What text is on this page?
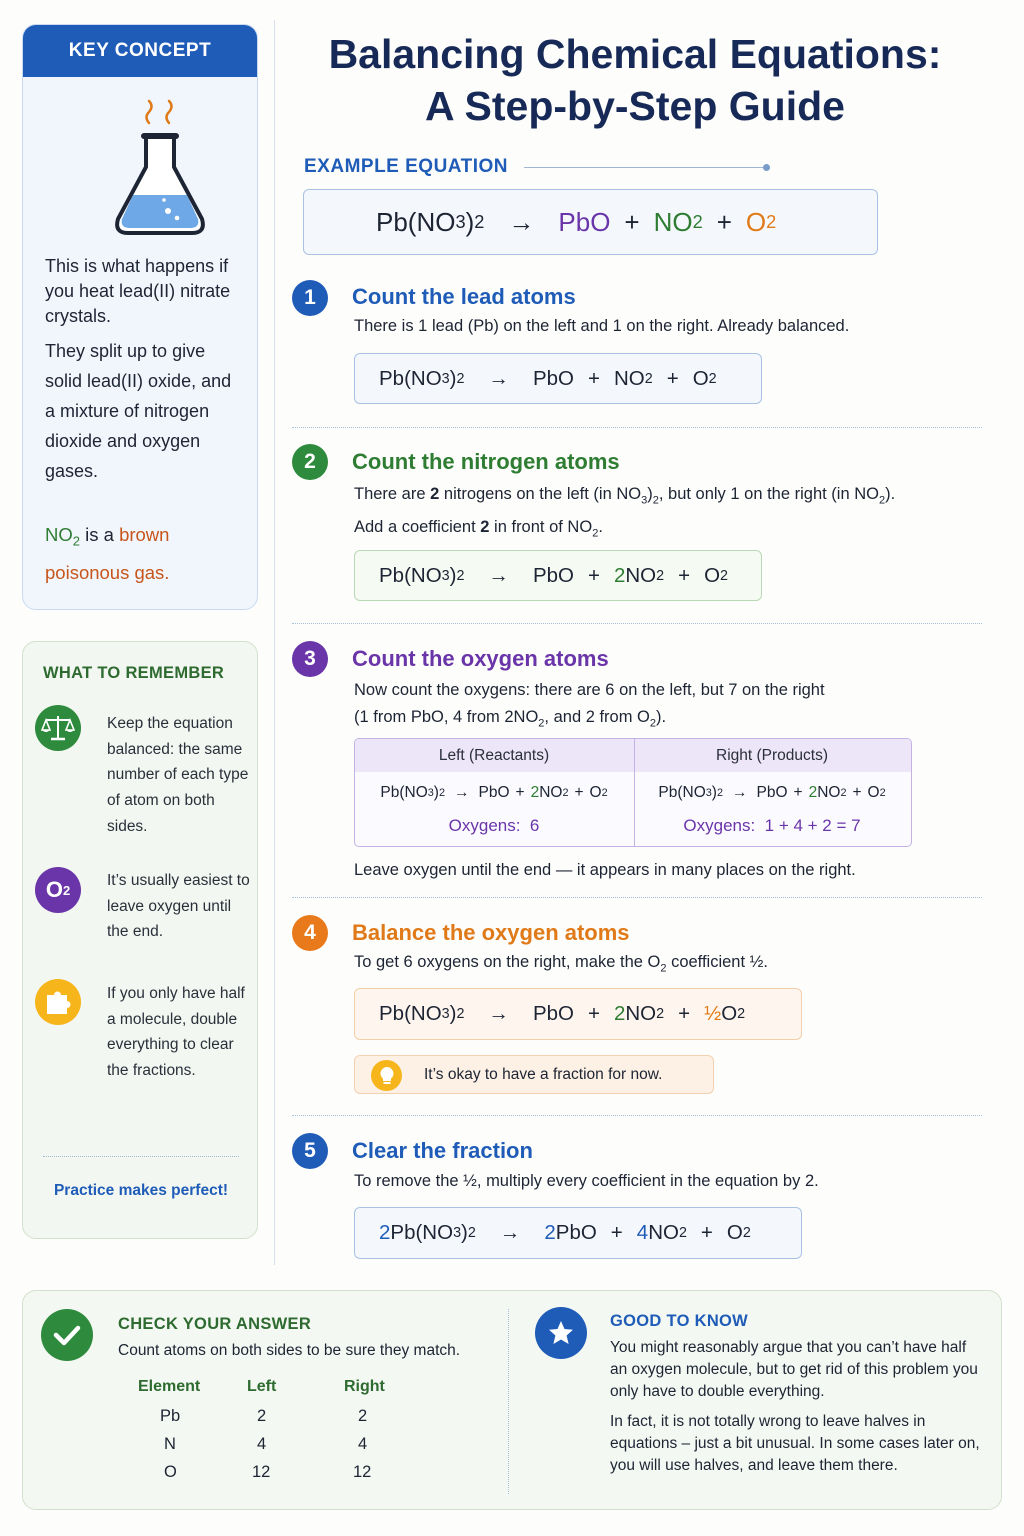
KEY CONCEPT
This is what happens if you heat lead(II) nitrate crystals.
They split up to give solid lead(II) oxide, and a mixture of nitrogen dioxide and oxygen gases.
$NO_2$ is a brown
poisonous gas.
WHAT TO REMEMBER
Keep the equation balanced: the same number of each type of atom on both sides.
O 2
It’s usually easiest to leave oxygen until the end.
If you only have half a molecule, double everything to clear the fractions.
Practice makes perfect!
Balancing Chemical Equations:
A Step-by-Step Guide
EXAMPLE EQUATION
Pb(NO 3 ) 2 → PbO + NO 2 + O 2
1	Count the lead atoms
There is 1 lead (Pb) on the left and 1 on the right. Already balanced.
Pb(NO 3 ) 2 → PbO + NO 2 + O 2
2	Count the nitrogen atoms
There are 2 nitrogens on the left (in $NO_3)_2$, but only 1 on the right (in $NO_2$).
Add a coefficient 2 in front of $NO_2$.
Pb(NO 3 ) 2 → PbO + 2 NO 2 + O 2
3	Count the oxygen atoms
Now count the oxygens: there are 6 on the left, but 7 on the right
(1 from PbO, 4 from $2NO_2$, and 2 from $O_2$).
Left (Reactants)	Right (Products)
Pb(NO 3 ) 2 → PbO + 2 NO 2 + O 2	Pb(NO 3 ) 2 → PbO + 2 NO 2 + O 2
Oxygens:  6	Oxygens:  1 + 4 + 2 = 7
Leave oxygen until the end — it appears in many places on the right.
4	Balance the oxygen atoms
To get 6 oxygens on the right, make the $O_2$ coefficient ½.
Pb(NO 3 ) 2 → PbO + 2 NO 2 + ½ O 2
It’s okay to have a fraction for now.
5	Clear the fraction
To remove the ½, multiply every coefficient in the equation by 2.
2 Pb(NO 3 ) 2 → 2 PbO + 4 NO 2 + O 2
CHECK YOUR ANSWER
Count atoms on both sides to be sure they match.
Element	Left	Right
Pb	2	2
N	4	4
O	12	12
GOOD TO KNOW
You might reasonably argue that you can’t have half an oxygen molecule, but to get rid of this problem you only have to double everything.
In fact, it is not totally wrong to leave halves in equations – just a bit unusual. In some cases later on, you will use halves, and leave them there.
